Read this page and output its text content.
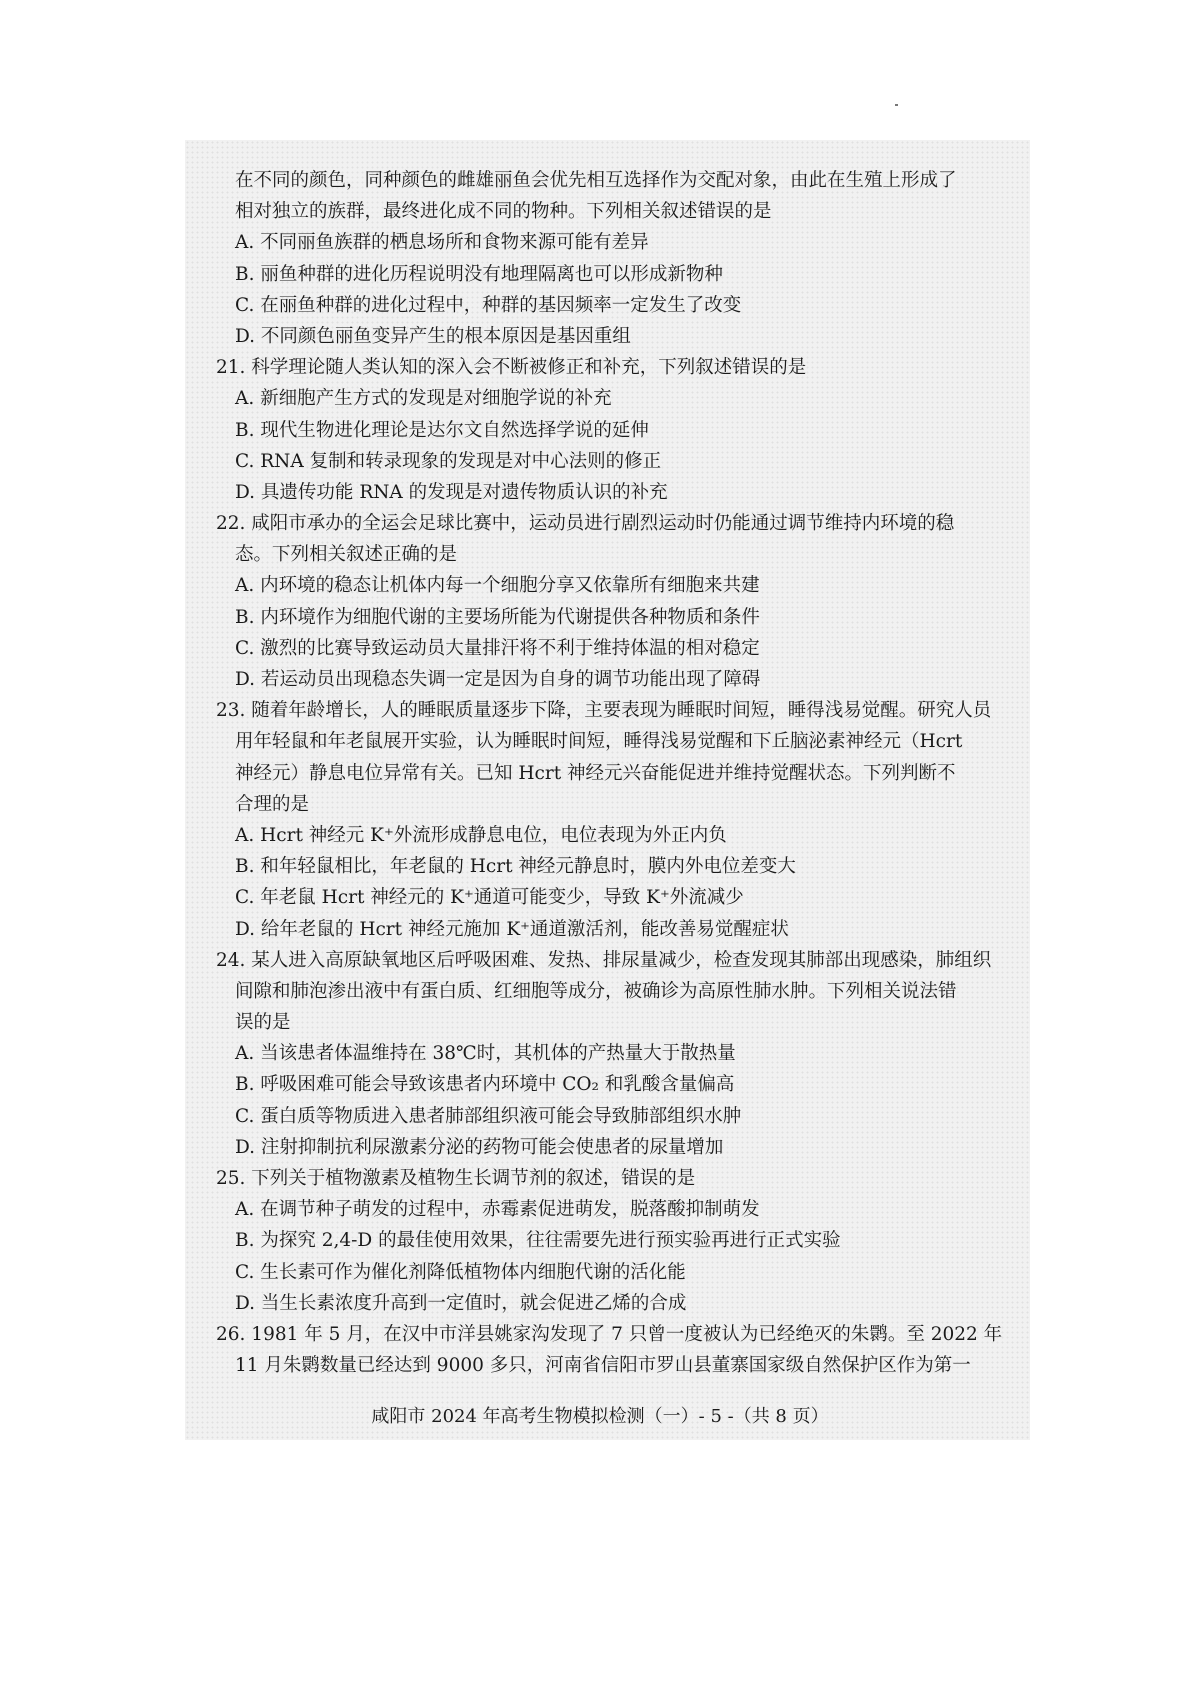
在不同的颜色，同种颜色的雌雄丽鱼会优先相互选择作为交配对象，由此在生殖上形成了
相对独立的族群，最终进化成不同的物种。下列相关叙述错误的是
A. 不同丽鱼族群的栖息场所和食物来源可能有差异
B. 丽鱼种群的进化历程说明没有地理隔离也可以形成新物种
C. 在丽鱼种群的进化过程中，种群的基因频率一定发生了改变
D. 不同颜色丽鱼变异产生的根本原因是基因重组
21. 科学理论随人类认知的深入会不断被修正和补充，下列叙述错误的是
A. 新细胞产生方式的发现是对细胞学说的补充
B. 现代生物进化理论是达尔文自然选择学说的延伸
C. RNA 复制和转录现象的发现是对中心法则的修正
D. 具遗传功能 RNA 的发现是对遗传物质认识的补充
22. 咸阳市承办的全运会足球比赛中，运动员进行剧烈运动时仍能通过调节维持内环境的稳
态。下列相关叙述正确的是
A. 内环境的稳态让机体内每一个细胞分享又依靠所有细胞来共建
B. 内环境作为细胞代谢的主要场所能为代谢提供各种物质和条件
C. 激烈的比赛导致运动员大量排汗将不利于维持体温的相对稳定
D. 若运动员出现稳态失调一定是因为自身的调节功能出现了障碍
23. 随着年龄增长，人的睡眠质量逐步下降，主要表现为睡眠时间短，睡得浅易觉醒。研究人员
用年轻鼠和年老鼠展开实验，认为睡眠时间短，睡得浅易觉醒和下丘脑泌素神经元（Hcrt
神经元）静息电位异常有关。已知 Hcrt 神经元兴奋能促进并维持觉醒状态。下列判断不
合理的是
A. Hcrt 神经元 K⁺外流形成静息电位，电位表现为外正内负
B. 和年轻鼠相比，年老鼠的 Hcrt 神经元静息时，膜内外电位差变大
C. 年老鼠 Hcrt 神经元的 K⁺通道可能变少，导致 K⁺外流减少
D. 给年老鼠的 Hcrt 神经元施加 K⁺通道激活剂，能改善易觉醒症状
24. 某人进入高原缺氧地区后呼吸困难、发热、排尿量减少，检查发现其肺部出现感染，肺组织
间隙和肺泡渗出液中有蛋白质、红细胞等成分，被确诊为高原性肺水肿。下列相关说法错
误的是
A. 当该患者体温维持在 38℃时，其机体的产热量大于散热量
B. 呼吸困难可能会导致该患者内环境中 CO₂ 和乳酸含量偏高
C. 蛋白质等物质进入患者肺部组织液可能会导致肺部组织水肿
D. 注射抑制抗利尿激素分泌的药物可能会使患者的尿量增加
25. 下列关于植物激素及植物生长调节剂的叙述，错误的是
A. 在调节种子萌发的过程中，赤霉素促进萌发，脱落酸抑制萌发
B. 为探究 2,4-D 的最佳使用效果，往往需要先进行预实验再进行正式实验
C. 生长素可作为催化剂降低植物体内细胞代谢的活化能
D. 当生长素浓度升高到一定值时，就会促进乙烯的合成
26. 1981 年 5 月，在汉中市洋县姚家沟发现了 7 只曾一度被认为已经绝灭的朱鹮。至 2022 年
11 月朱鹮数量已经达到 9000 多只，河南省信阳市罗山县董寨国家级自然保护区作为第一
咸阳市 2024 年高考生物模拟检测（一）- 5 -（共 8 页）
